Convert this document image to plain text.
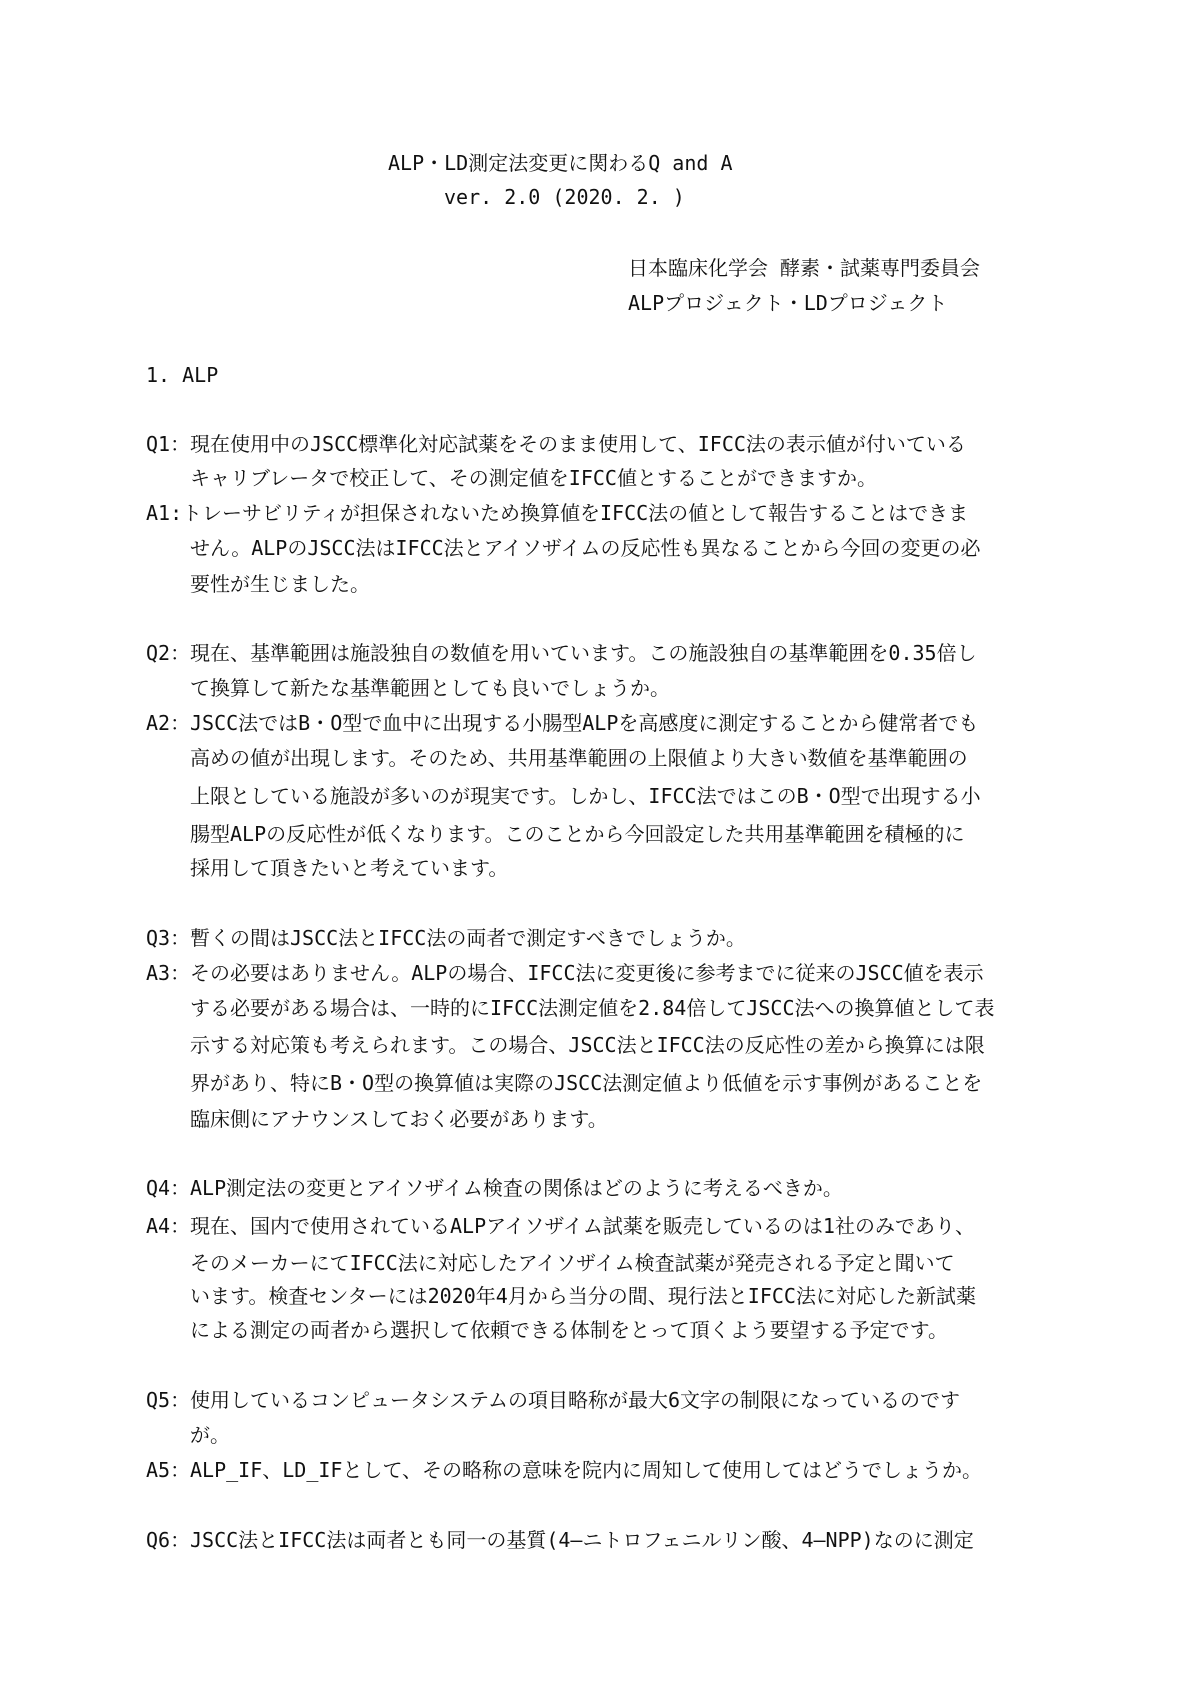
ALP・LD測定法変更に関わるQ and A
ver. 2.0 (2020. 2. )
日本臨床化学会 酵素・試薬専門委員会
ALPプロジェクト・LDプロジェクト
1. ALP
Q1： 現在使用中のJSCC標準化対応試薬をそのまま使用して、IFCC法の表示値が付いている
キャリブレータで校正して、その測定値をIFCC値とすることができますか。
A1: トレーサビリティが担保されないため換算値をIFCC法の値として報告することはできま
せん。ALPのJSCC法はIFCC法とアイソザイムの反応性も異なることから今回の変更の必
要性が生じました。
Q2： 現在、基準範囲は施設独自の数値を用いています。この施設独自の基準範囲を0.35倍し
て換算して新たな基準範囲としても良いでしょうか。
A2： JSCC法ではB・O型で血中に出現する小腸型ALPを高感度に測定することから健常者でも
高めの値が出現します。そのため、共用基準範囲の上限値より大きい数値を基準範囲の
上限としている施設が多いのが現実です。しかし、IFCC法ではこのB・O型で出現する小
腸型ALPの反応性が低くなります。このことから今回設定した共用基準範囲を積極的に
採用して頂きたいと考えています。
Q3： 暫くの間はJSCC法とIFCC法の両者で測定すべきでしょうか。
A3： その必要はありません。ALPの場合、IFCC法に変更後に参考までに従来のJSCC値を表示
する必要がある場合は、一時的にIFCC法測定値を2.84倍してJSCC法への換算値として表
示する対応策も考えられます。この場合、JSCC法とIFCC法の反応性の差から換算には限
界があり、特にB・O型の換算値は実際のJSCC法測定値より低値を示す事例があることを
臨床側にアナウンスしておく必要があります。
Q4： ALP測定法の変更とアイソザイム検査の関係はどのように考えるべきか。
A4： 現在、国内で使用されているALPアイソザイム試薬を販売しているのは1社のみであり、
そのメーカーにてIFCC法に対応したアイソザイム検査試薬が発売される予定と聞いて
います。検査センターには2020年4月から当分の間、現行法とIFCC法に対応した新試薬
による測定の両者から選択して依頼できる体制をとって頂くよう要望する予定です。
Q5： 使用しているコンピュータシステムの項目略称が最大6文字の制限になっているのです
が。
A5： ALP_IF、LD_IFとして、その略称の意味を院内に周知して使用してはどうでしょうか。
Q6： JSCC法とIFCC法は両者とも同一の基質(4—ニトロフェニルリン酸、4—NPP)なのに測定
